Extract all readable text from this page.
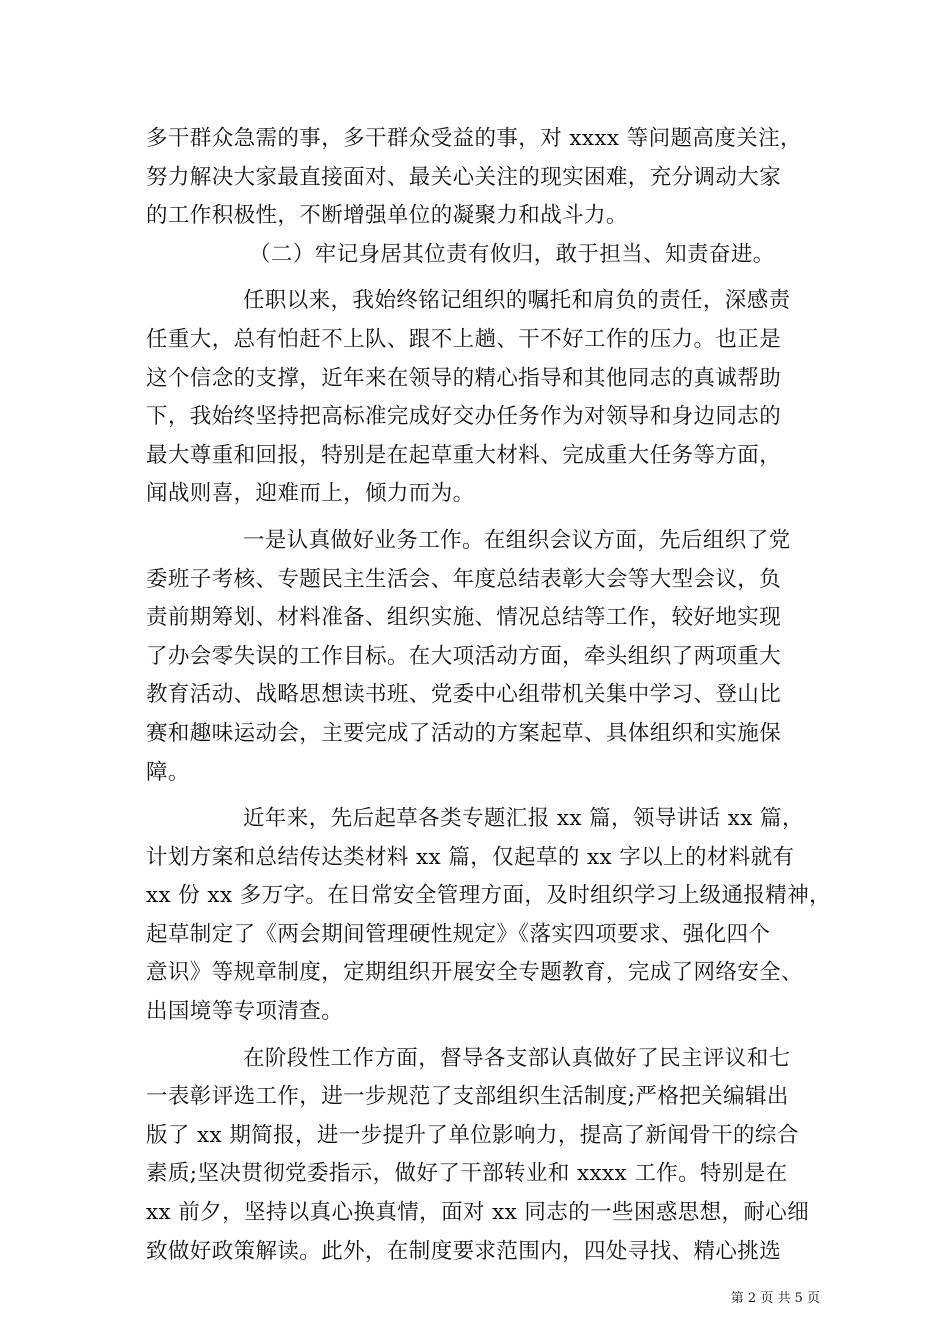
多干群众急需的事，多干群众受益的事，对 xxxx 等问题高度关注，
努力解决大家最直接面对、最关心关注的现实困难，充分调动大家
的工作积极性，不断增强单位的凝聚力和战斗力。
（二）牢记身居其位责有攸归，敢于担当、知责奋进。
任职以来，我始终铭记组织的嘱托和肩负的责任，深感责
任重大，总有怕赶不上队、跟不上趟、干不好工作的压力。也正是
这个信念的支撑，近年来在领导的精心指导和其他同志的真诚帮助
下，我始终坚持把高标准完成好交办任务作为对领导和身边同志的
最大尊重和回报，特别是在起草重大材料、完成重大任务等方面，
闻战则喜，迎难而上，倾力而为。
一是认真做好业务工作。在组织会议方面，先后组织了党
委班子考核、专题民主生活会、年度总结表彰大会等大型会议，负
责前期筹划、材料准备、组织实施、情况总结等工作，较好地实现
了办会零失误的工作目标。在大项活动方面，牵头组织了两项重大
教育活动、战略思想读书班、党委中心组带机关集中学习、登山比
赛和趣味运动会，主要完成了活动的方案起草、具体组织和实施保
障。
近年来，先后起草各类专题汇报 xx 篇，领导讲话 xx 篇，
计划方案和总结传达类材料 xx 篇，仅起草的 xx 字以上的材料就有
xx 份 xx 多万字。在日常安全管理方面，及时组织学习上级通报精神，
起草制定了《两会期间管理硬性规定》《落实四项要求、强化四个
意识》等规章制度，定期组织开展安全专题教育，完成了网络安全、
出国境等专项清查。
在阶段性工作方面，督导各支部认真做好了民主评议和七
一表彰评选工作，进一步规范了支部组织生活制度;严格把关编辑出
版了 xx 期简报，进一步提升了单位影响力，提高了新闻骨干的综合
素质;坚决贯彻党委指示，做好了干部转业和 xxxx 工作。特别是在
xx 前夕，坚持以真心换真情，面对 xx 同志的一些困惑思想，耐心细
致做好政策解读。此外，在制度要求范围内，四处寻找、精心挑选
第 2 页 共 5 页
